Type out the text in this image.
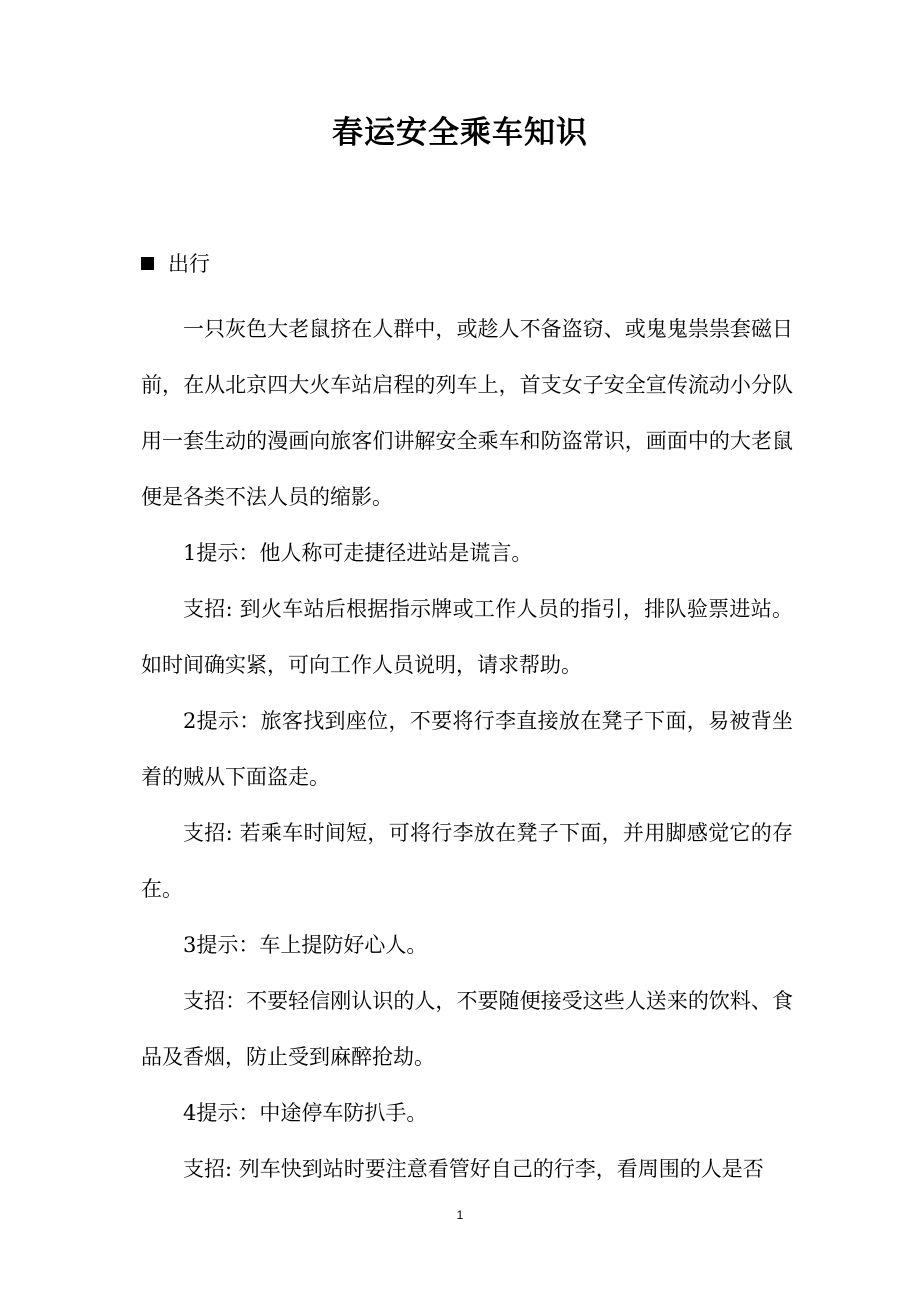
春运安全乘车知识
出行

一只灰色大老鼠挤在人群中，或趁人不备盗窃、或鬼鬼祟祟套磁日前，在从北京四大火车站启程的列车上，首支女子安全宣传流动小分队用一套生动的漫画向旅客们讲解安全乘车和防盗常识，画面中的大老鼠便是各类不法人员的缩影。

1提示：他人称可走捷径进站是谎言。

支招: 到火车站后根据指示牌或工作人员的指引，排队验票进站。如时间确实紧，可向工作人员说明，请求帮助。

2提示：旅客找到座位，不要将行李直接放在凳子下面，易被背坐着的贼从下面盗走。

支招: 若乘车时间短，可将行李放在凳子下面，并用脚感觉它的存在。

3提示：车上提防好心人。

支招：不要轻信刚认识的人，不要随便接受这些人送来的饮料、食品及香烟，防止受到麻醉抢劫。

4提示：中途停车防扒手。

支招: 列车快到站时要注意看管好自己的行李，看周围的人是否

1
